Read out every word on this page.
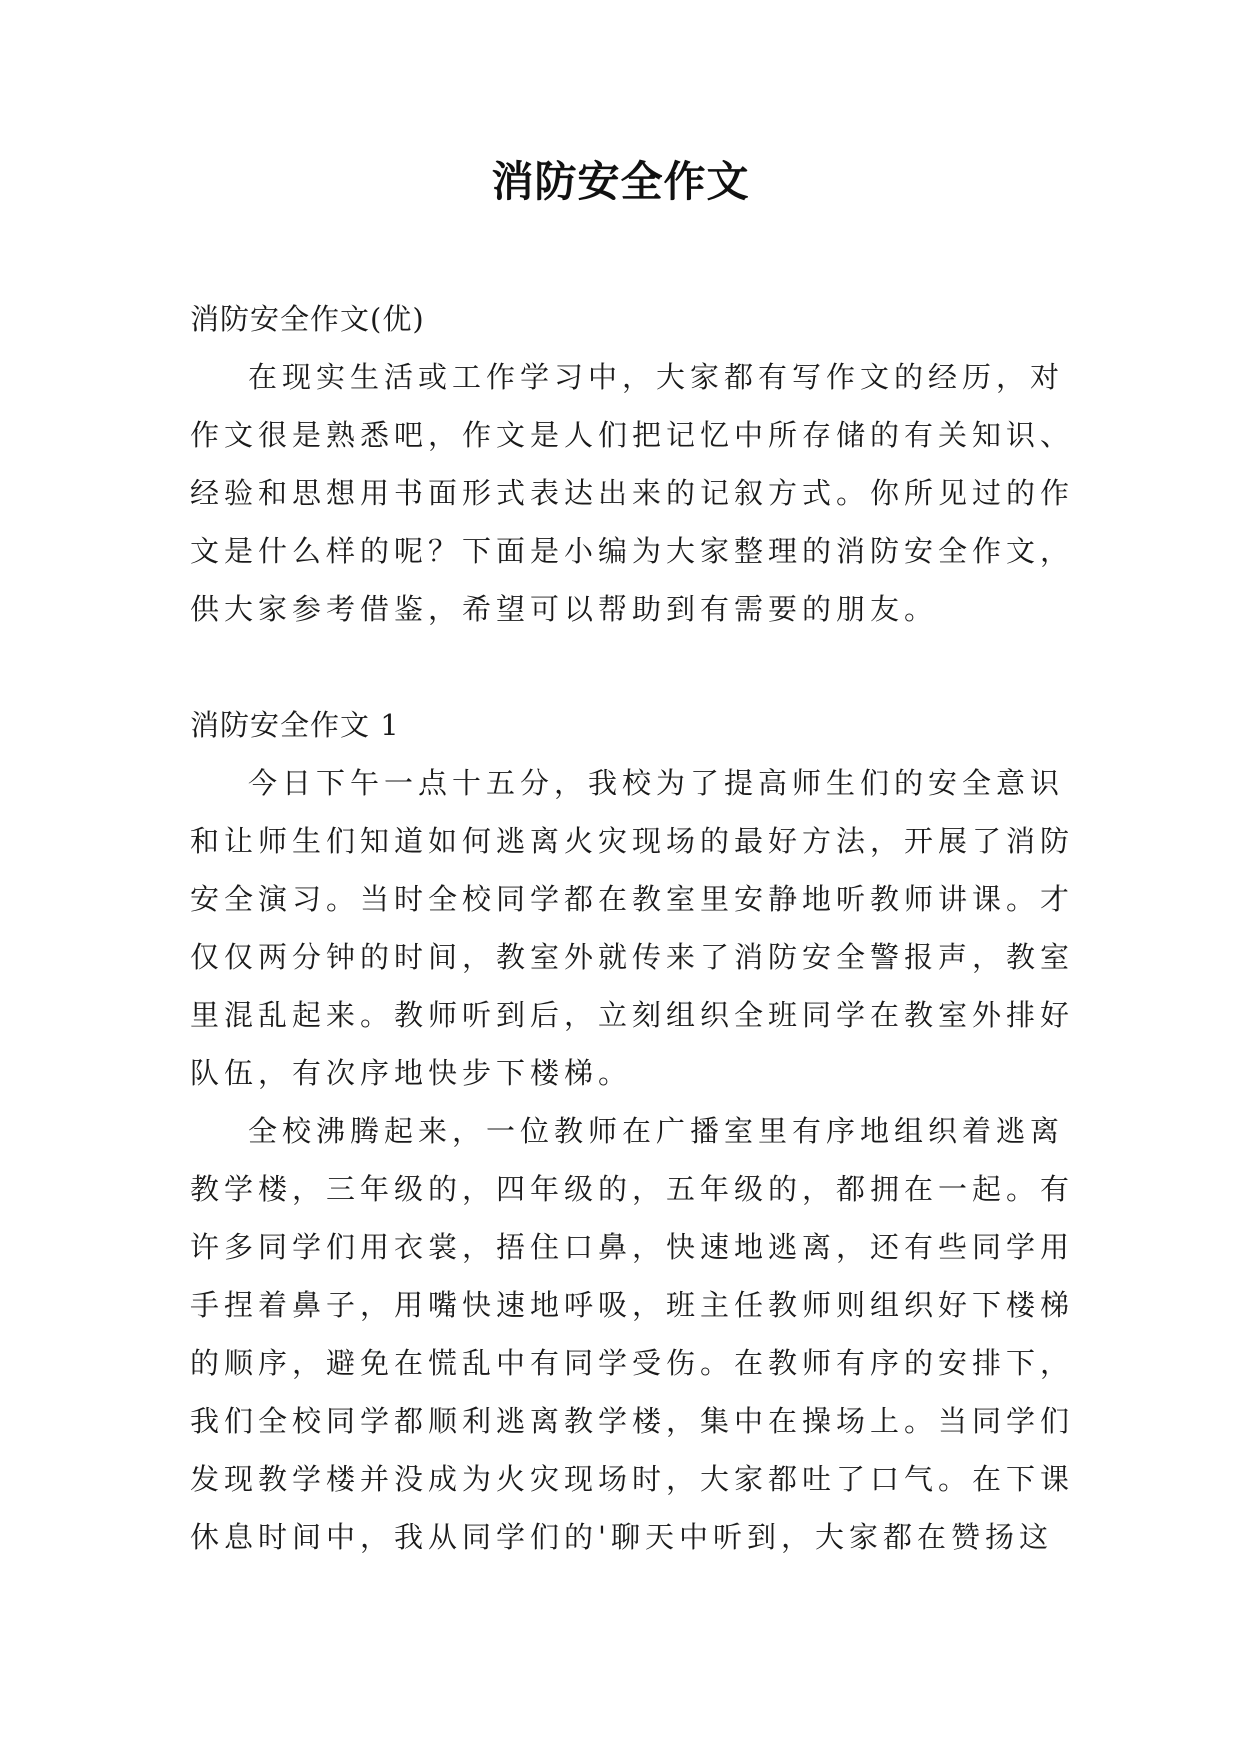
消防安全作文
消防安全作文(优)

在现实生活或工作学习中，大家都有写作文的经历，对
作文很是熟悉吧，作文是人们把记忆中所存储的有关知识、
经验和思想用书面形式表达出来的记叙方式。你所见过的作
文是什么样的呢？下面是小编为大家整理的消防安全作文，
供大家参考借鉴，希望可以帮助到有需要的朋友。

消防安全作文 1

今日下午一点十五分，我校为了提高师生们的安全意识
和让师生们知道如何逃离火灾现场的最好方法，开展了消防
安全演习。当时全校同学都在教室里安静地听教师讲课。才
仅仅两分钟的时间，教室外就传来了消防安全警报声，教室
里混乱起来。教师听到后，立刻组织全班同学在教室外排好
队伍，有次序地快步下楼梯。

全校沸腾起来，一位教师在广播室里有序地组织着逃离
教学楼，三年级的，四年级的，五年级的，都拥在一起。有
许多同学们用衣裳，捂住口鼻，快速地逃离，还有些同学用
手捏着鼻子，用嘴快速地呼吸，班主任教师则组织好下楼梯
的顺序，避免在慌乱中有同学受伤。在教师有序的安排下，
我们全校同学都顺利逃离教学楼，集中在操场上。当同学们
发现教学楼并没成为火灾现场时，大家都吐了口气。在下课
休息时间中，我从同学们的'聊天中听到，大家都在赞扬这
